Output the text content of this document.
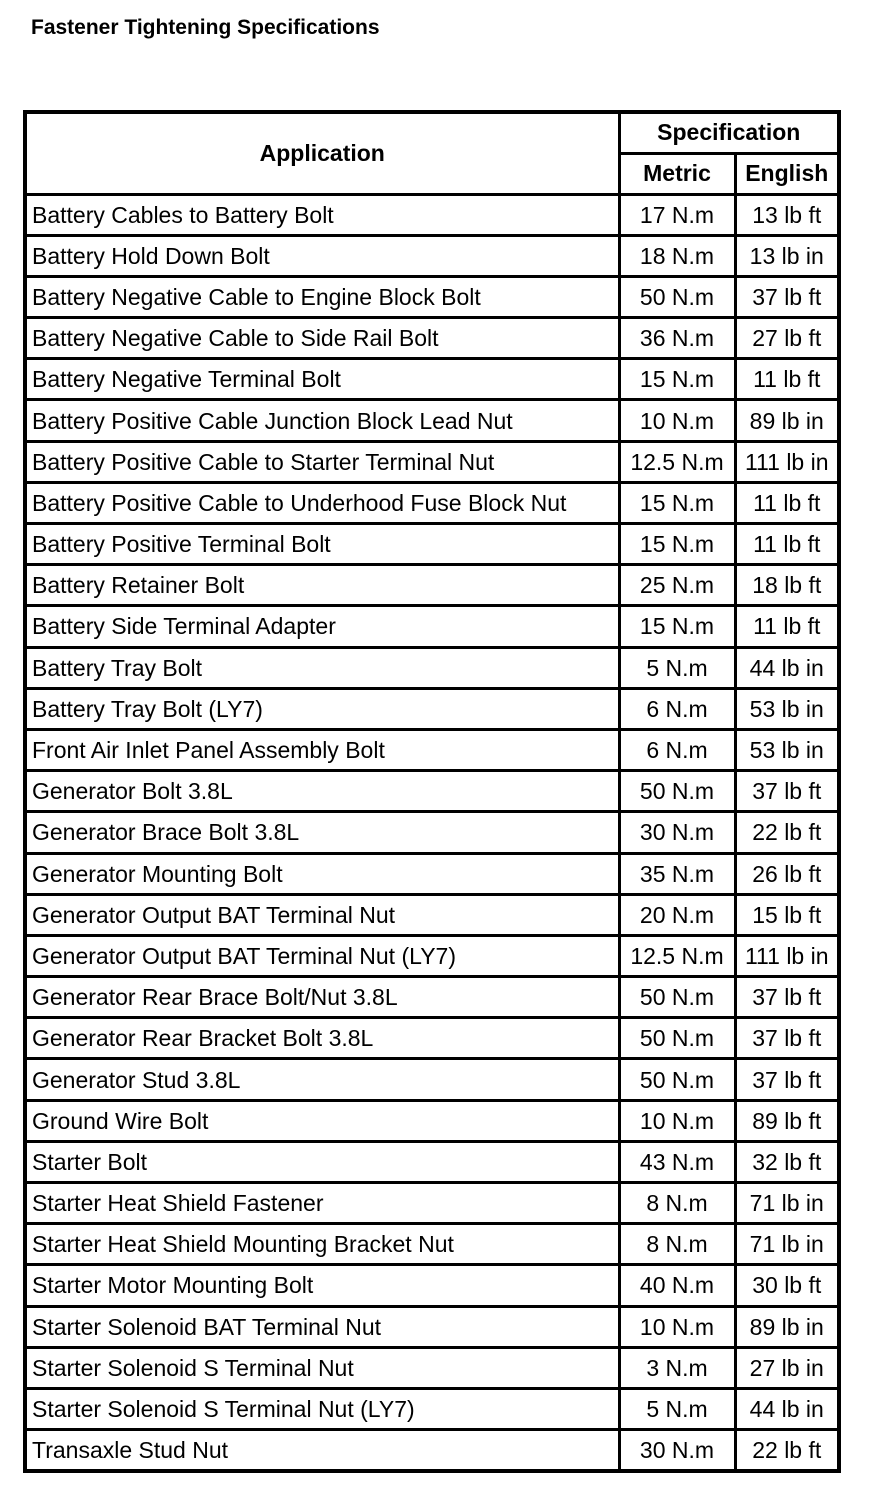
Fastener Tightening Specifications
Application	Specification	
	Metric	English
Battery Cables to Battery Bolt	17 N.m	13 lb ft
Battery Hold Down Bolt	18 N.m	13 lb in
Battery Negative Cable to Engine Block Bolt	50 N.m	37 lb ft
Battery Negative Cable to Side Rail Bolt	36 N.m	27 lb ft
Battery Negative Terminal Bolt	15 N.m	11 lb ft
Battery Positive Cable Junction Block Lead Nut	10 N.m	89 lb in
Battery Positive Cable to Starter Terminal Nut	12.5 N.m	111 lb in
Battery Positive Cable to Underhood Fuse Block Nut	15 N.m	11 lb ft
Battery Positive Terminal Bolt	15 N.m	11 lb ft
Battery Retainer Bolt	25 N.m	18 lb ft
Battery Side Terminal Adapter	15 N.m	11 lb ft
Battery Tray Bolt	5 N.m	44 lb in
Battery Tray Bolt (LY7)	6 N.m	53 lb in
Front Air Inlet Panel Assembly Bolt	6 N.m	53 lb in
Generator Bolt 3.8L	50 N.m	37 lb ft
Generator Brace Bolt 3.8L	30 N.m	22 lb ft
Generator Mounting Bolt	35 N.m	26 lb ft
Generator Output BAT Terminal Nut	20 N.m	15 lb ft
Generator Output BAT Terminal Nut (LY7)	12.5 N.m	111 lb in
Generator Rear Brace Bolt/Nut 3.8L	50 N.m	37 lb ft
Generator Rear Bracket Bolt 3.8L	50 N.m	37 lb ft
Generator Stud 3.8L	50 N.m	37 lb ft
Ground Wire Bolt	10 N.m	89 lb ft
Starter Bolt	43 N.m	32 lb ft
Starter Heat Shield Fastener	8 N.m	71 lb in
Starter Heat Shield Mounting Bracket Nut	8 N.m	71 lb in
Starter Motor Mounting Bolt	40 N.m	30 lb ft
Starter Solenoid BAT Terminal Nut	10 N.m	89 lb in
Starter Solenoid S Terminal Nut	3 N.m	27 lb in
Starter Solenoid S Terminal Nut (LY7)	5 N.m	44 lb in
Transaxle Stud Nut	30 N.m	22 lb ft
